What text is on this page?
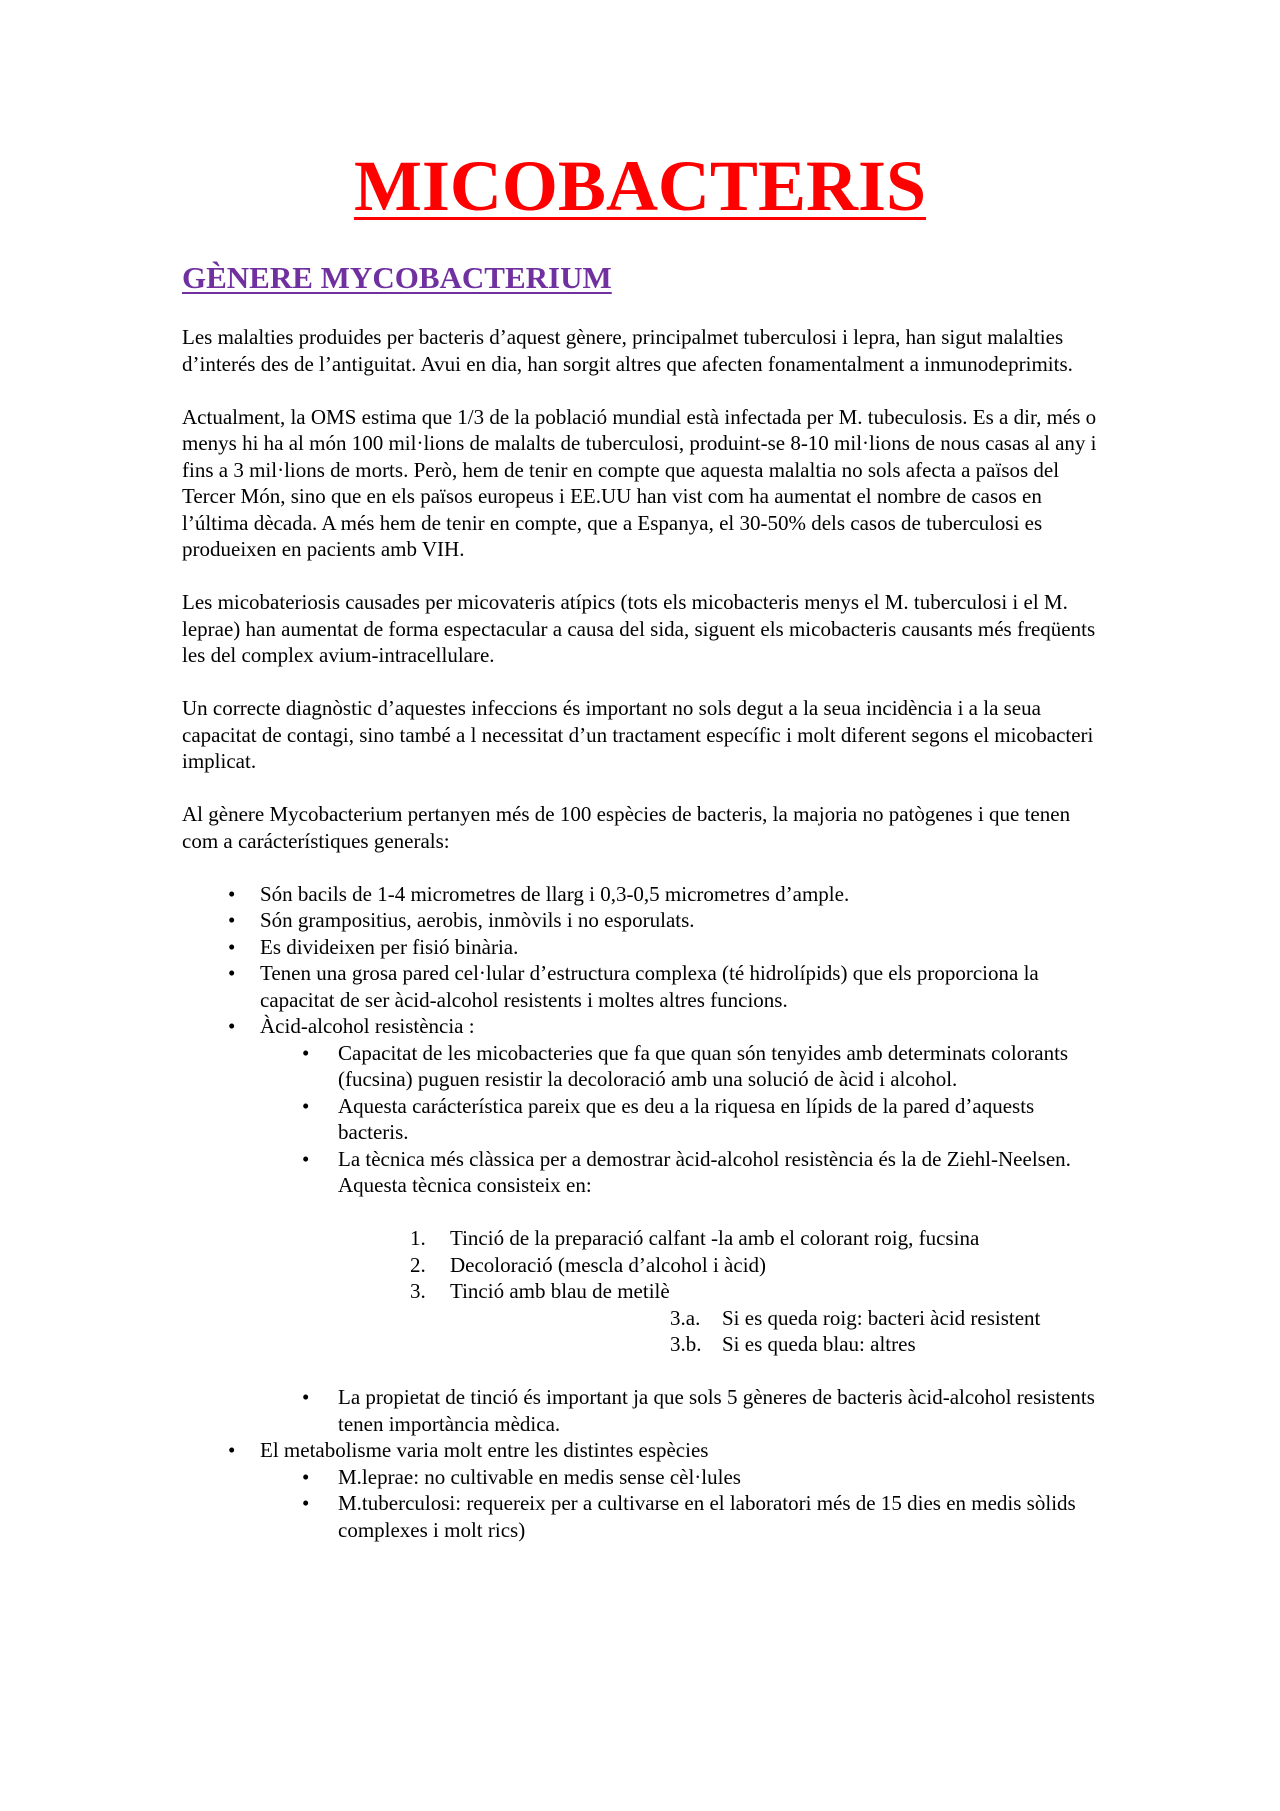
MICOBACTERIS
GÈNERE MYCOBACTERIUM

Les malalties produides per bacteris d’aquest gènere, principalmet tuberculosi i lepra, han sigut malalties d’interés des de l’antiguitat. Avui en dia, han sorgit altres que afecten fonamentalment a inmunodeprimits.

Actualment, la OMS estima que 1/3 de la població mundial està infectada per M. tubeculosis. Es a dir, més o menys hi ha al món 100 mil·lions de malalts de tuberculosi, produint-se 8-10 mil·lions de nous casas al any i fins a 3 mil·lions de morts. Però, hem de tenir en compte que aquesta malaltia no sols afecta a països del Tercer Món, sino que en els països europeus i EE.UU han vist com ha aumentat el nombre de casos en l’última dècada. A més hem de tenir en compte, que a Espanya, el 30-50% dels casos de tuberculosi es produeixen en pacients amb VIH.

Les micobateriosis causades per micovateris atípics (tots els micobacteris menys el M. tuberculosi i el M. leprae) han aumentat de forma espectacular a causa del sida, siguent els micobacteris causants més freqüents les del complex avium-intracellulare.

Un correcte diagnòstic d’aquestes infeccions és important no sols degut a la seua incidència i a la seua capacitat de contagi, sino també a l necessitat d’un tractament específic i molt diferent segons el micobacteri implicat.

Al gènere Mycobacterium pertanyen més de 100 espècies de bacteris, la majoria no patògenes i que tenen com a carácterístiques generals:

• Són bacils de 1-4 micrometres de llarg i 0,3-0,5 micrometres d’ample.
• Són grampositius, aerobis, inmòvils i no esporulats.
• Es divideixen per fisió binària.
• Tenen una grosa pared cel·lular d’estructura complexa (té hidrolípids) que els proporciona la capacitat de ser àcid-alcohol resistents i moltes altres funcions.
• Àcid-alcohol resistència :
• Capacitat de les micobacteries que fa que quan són tenyides amb determinats colorants (fucsina) puguen resistir la decoloració amb una solució de àcid i alcohol.
• Aquesta carácterística pareix que es deu a la riquesa en lípids de la pared d’aquests bacteris.
• La tècnica més clàssica per a demostrar àcid-alcohol resistència és la de Ziehl-Neelsen. Aquesta tècnica consisteix en:
1. Tinció de la preparació calfant -la amb el colorant roig, fucsina
2. Decoloració (mescla d’alcohol i àcid)
3. Tinció amb blau de metilè
3.a. Si es queda roig: bacteri àcid resistent
3.b. Si es queda blau: altres
• La propietat de tinció és important ja que sols 5 gèneres de bacteris àcid-alcohol resistents tenen importància mèdica.
• El metabolisme varia molt entre les distintes espècies
• M.leprae: no cultivable en medis sense cèl·lules
• M.tuberculosi: requereix per a cultivarse en el laboratori més de 15 dies en medis sòlids complexes i molt rics)
